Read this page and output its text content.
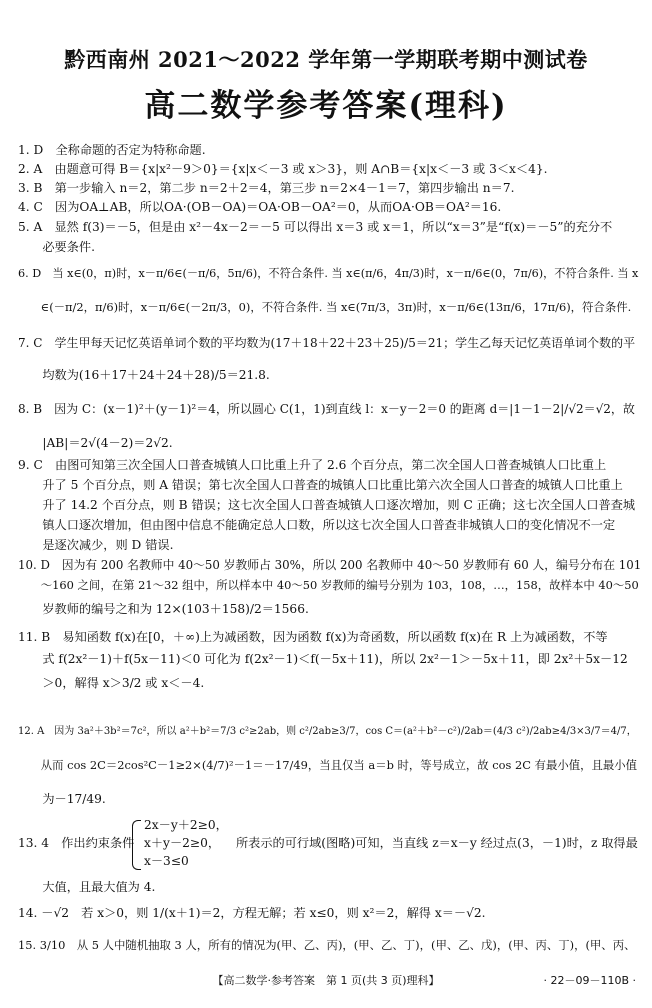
黔西南州 2021～2022 学年第一学期联考期中测试卷
高二数学参考答案(理科)
1. D　全称命题的否定为特称命题.
2. A　由题意可得 B＝{x|x²－9＞0}＝{x|x＜－3 或 x＞3}，则 A∩B＝{x|x＜－3 或 3＜x＜4}.
3. B　第一步输入 n＝2，第二步 n＝2＋2＝4，第三步 n＝2×4－1＝7，第四步输出 n＝7.
4. C　因为OA⊥AB，所以OA·(OB－OA)＝OA·OB－OA²＝0，从而OA·OB＝OA²＝16.
5. A　显然 f(3)＝－5，但是由 x²－4x－2＝－5 可以得出 x＝3 或 x＝1，所以“x＝3”是“f(x)＝－5”的充分不
　　必要条件.
6. D　当 x∈(0，π)时，x－π/6∈(－π/6，5π/6)，不符合条件. 当 x∈(π/6，4π/3)时，x－π/6∈(0，7π/6)，不符合条件. 当 x
　　∈(－π/2，π/6)时，x－π/6∈(－2π/3，0)，不符合条件. 当 x∈(7π/3，3π)时，x－π/6∈(13π/6，17π/6)，符合条件.
7. C　学生甲每天记忆英语单词个数的平均数为(17＋18＋22＋23＋25)/5＝21；学生乙每天记忆英语单词个数的平
　　均数为(16＋17＋24＋24＋28)/5＝21.8.
8. B　因为 C：(x－1)²＋(y－1)²＝4，所以圆心 C(1，1)到直线 l：x－y－2＝0 的距离 d＝|1－1－2|/√2＝√2，故
　　|AB|＝2√(4－2)＝2√2.
9. C　由图可知第三次全国人口普查城镇人口比重上升了 2.6 个百分点，第二次全国人口普查城镇人口比重上
　　升了 5 个百分点，则 A 错误；第七次全国人口普查的城镇人口比重比第六次全国人口普查的城镇人口比重上
　　升了 14.2 个百分点，则 B 错误；这七次全国人口普查城镇人口逐次增加，则 C 正确；这七次全国人口普查城
　　镇人口逐次增加，但由图中信息不能确定总人口数，所以这七次全国人口普查非城镇人口的变化情况不一定
　　是逐次减少，则 D 错误.
10. D　因为有 200 名教师中 40～50 岁教师占 30%，所以 200 名教师中 40～50 岁教师有 60 人，编号分布在 101
　　～160 之间，在第 21～32 组中，所以样本中 40～50 岁教师的编号分别为 103，108，…，158，故样本中 40～50
　　岁教师的编号之和为 12×(103＋158)/2＝1566.
11. B　易知函数 f(x)在[0，＋∞)上为减函数，因为函数 f(x)为奇函数，所以函数 f(x)在 R 上为减函数，不等
　　式 f(2x²－1)＋f(5x－11)＜0 可化为 f(2x²－1)＜f(－5x＋11)，所以 2x²－1＞－5x＋11，即 2x²＋5x－12
　　＞0，解得 x＞3/2 或 x＜－4.
12. A　因为 3a²＋3b²＝7c²，所以 a²＋b²＝7/3 c²≥2ab，则 c²/2ab≥3/7，cos C＝(a²＋b²－c²)/2ab＝(4/3 c²)/2ab≥4/3×3/7＝4/7，
　　从而 cos 2C＝2cos²C－1≥2×(4/7)²－1＝－17/49，当且仅当 a＝b 时，等号成立，故 cos 2C 有最小值，且最小值
　　为－17/49.
　　大值，且最大值为 4.
14. －√2　若 x＞0，则 1/(x＋1)＝2，方程无解；若 x≤0，则 x²＝2，解得 x＝－√2.
15. 3/10　从 5 人中随机抽取 3 人，所有的情况为(甲、乙、丙)，(甲、乙、丁)，(甲、乙、戊)，(甲、丙、丁)，(甲、丙、
13. 4　作出约束条件
2x－y＋2≥0，
x＋y－2≥0，
x－3≤0
所表示的可行域(图略)可知，当直线 z＝x－y 经过点(3，－1)时，z 取得最
【高二数学·参考答案　第 1 页(共 3 页)理科】	· 22－09－110B ·
